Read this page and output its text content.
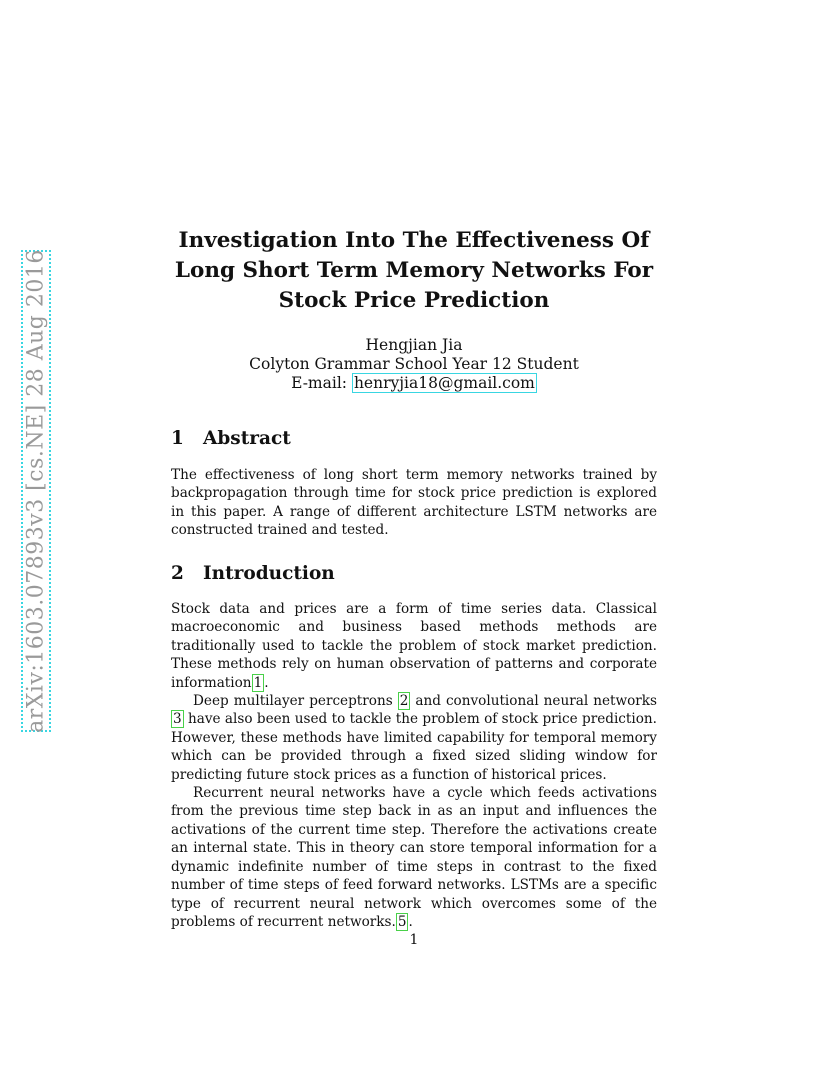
arXiv:1603.07893v3 [cs.NE] 28 Aug 2016
Investigation Into The Effectiveness Of
Long Short Term Memory Networks For
Stock Price Prediction
Hengjian Jia
Colyton Grammar School Year 12 Student
E-mail: henryjia18@gmail.com
1 Abstract

The effectiveness of long short term memory networks trained by backpropagation through time for stock price prediction is explored in this paper. A range of different architecture LSTM networks are constructed trained and tested.

2 Introduction

Stock data and prices are a form of time series data. Classical macroeconomic and business based methods methods are traditionally used to tackle the problem of stock market prediction. These methods rely on human observation of patterns and corporate information 1 .

Deep multilayer perceptrons 2 and convolutional neural networks 3 have also been used to tackle the problem of stock price prediction. However, these methods have limited capability for temporal memory which can be provided through a fixed sized sliding window for predicting future stock prices as a function of historical prices.

Recurrent neural networks have a cycle which feeds activations from the previous time step back in as an input and influences the activations of the current time step. Therefore the activations create an internal state. This in theory can store temporal information for a dynamic indefinite number of time steps in contrast to the fixed number of time steps of feed forward networks. LSTMs are a specific type of recurrent neural network which overcomes some of the problems of recurrent networks. 5 .

1
